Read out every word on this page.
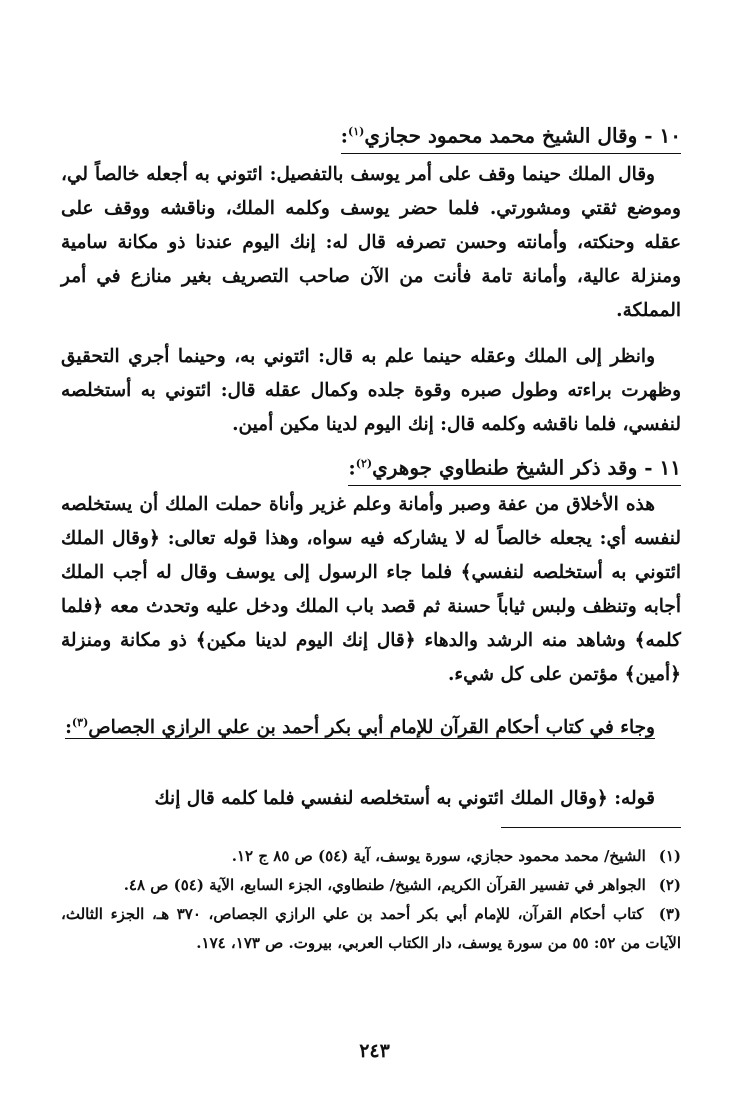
١٠ - وقال الشيخ محمد محمود حجازي$^{(١)}$:

وقال الملك حينما وقف على أمر يوسف بالتفصيل: ائتوني به أجعله خالصاً لي، وموضع ثقتي ومشورتي. فلما حضر يوسف وكلمه الملك، وناقشه ووقف على عقله وحنكته، وأمانته وحسن تصرفه قال له: إنك اليوم عندنا ذو مكانة سامية ومنزلة عالية، وأمانة تامة فأنت من الآن صاحب التصريف بغير منازع في أمر المملكة.

وانظر إلى الملك وعقله حينما علم به قال: ائتوني به، وحينما أجري التحقيق وظهرت براءته وطول صبره وقوة جلده وكمال عقله قال: ائتوني به أستخلصه لنفسي، فلما ناقشه وكلمه قال: إنك اليوم لدينا مكين أمين.

١١ - وقد ذكر الشيخ طنطاوي جوهري$^{(٢)}$:

هذه الأخلاق من عفة وصبر وأمانة وعلم غزير وأناة حملت الملك أن يستخلصه لنفسه أي: يجعله خالصاً له لا يشاركه فيه سواه، وهذا قوله تعالى: ﴿وقال الملك ائتوني به أستخلصه لنفسي﴾ فلما جاء الرسول إلى يوسف وقال له أجب الملك أجابه وتنظف ولبس ثياباً حسنة ثم قصد باب الملك ودخل عليه وتحدث معه ﴿فلما كلمه﴾ وشاهد منه الرشد والدهاء ﴿قال إنك اليوم لدينا مكين﴾ ذو مكانة ومنزلة ﴿أمين﴾ مؤتمن على كل شيء.

وجاء في كتاب أحكام القرآن للإمام أبي بكر أحمد بن علي الرازي الجصاص$^{(٣)}$:

قوله: ﴿وقال الملك ائتوني به أستخلصه لنفسي فلما كلمه قال إنك

(١) الشيخ/ محمد محمود حجازي، سورة يوسف، آية (٥٤) ص ٨٥ ج ١٢.

(٢) الجواهر في تفسير القرآن الكريم، الشيخ/ طنطاوي، الجزء السابع، الآية (٥٤) ص ٤٨.

(٣) كتاب أحكام القرآن، للإمام أبي بكر أحمد بن علي الرازي الجصاص، ٣٧٠ هـ، الجزء الثالث، الآيات من ٥٢: ٥٥ من سورة يوسف، دار الكتاب العربي، بيروت. ص ١٧٣، ١٧٤.

٢٤٣
